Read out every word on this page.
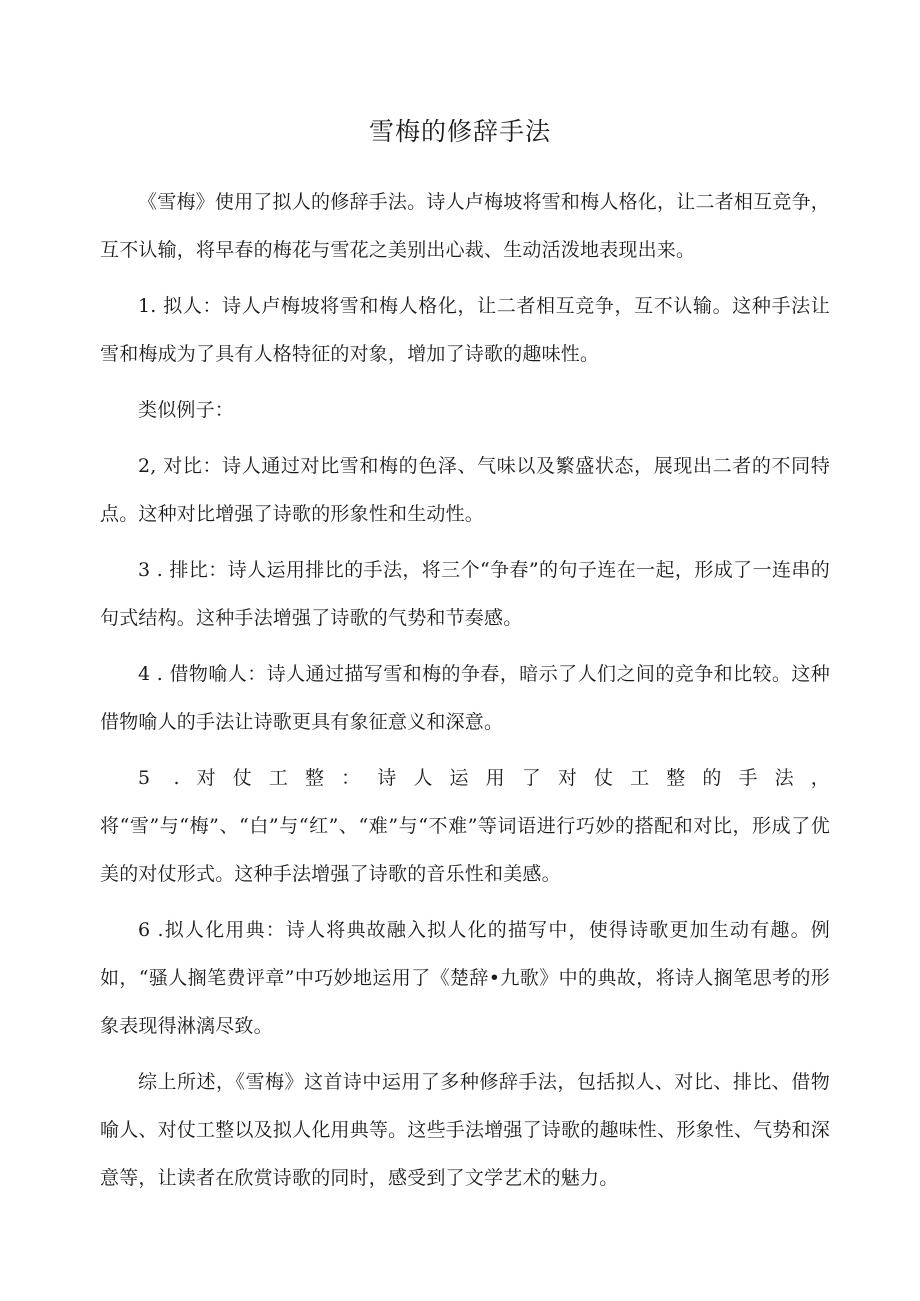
雪梅的修辞手法

《雪梅》使用了拟人的修辞手法。诗人卢梅坡将雪和梅人格化，让二者相互竞争，互不认输，将早春的梅花与雪花之美别出心裁、生动活泼地表现出来。

1. 拟人：诗人卢梅坡将雪和梅人格化，让二者相互竞争，互不认输。这种手法让雪和梅成为了具有人格特征的对象，增加了诗歌的趣味性。

类似例子：

2, 对比：诗人通过对比雪和梅的色泽、气味以及繁盛状态，展现出二者的不同特点。这种对比增强了诗歌的形象性和生动性。

3 . 排比：诗人运用排比的手法，将三个“争春”的句子连在一起，形成了一连串的句式结构。这种手法增强了诗歌的气势和节奏感。

4 . 借物喻人：诗人通过描写雪和梅的争春，暗示了人们之间的竞争和比较。这种借物喻人的手法让诗歌更具有象征意义和深意。

5 .对仗工整：诗人运用了对仗工整的手法，将“雪”与“梅”、“白”与“红”、“难”与“不难”等词语进行巧妙的搭配和对比，形成了优美的对仗形式。这种手法增强了诗歌的音乐性和美感。

6 .拟人化用典：诗人将典故融入拟人化的描写中，使得诗歌更加生动有趣。例如，“骚人搁笔费评章”中巧妙地运用了《楚辞•九歌》中的典故，将诗人搁笔思考的形象表现得淋漓尽致。

综上所述，《雪梅》这首诗中运用了多种修辞手法，包括拟人、对比、排比、借物喻人、对仗工整以及拟人化用典等。这些手法增强了诗歌的趣味性、形象性、气势和深意等，让读者在欣赏诗歌的同时，感受到了文学艺术的魅力。
